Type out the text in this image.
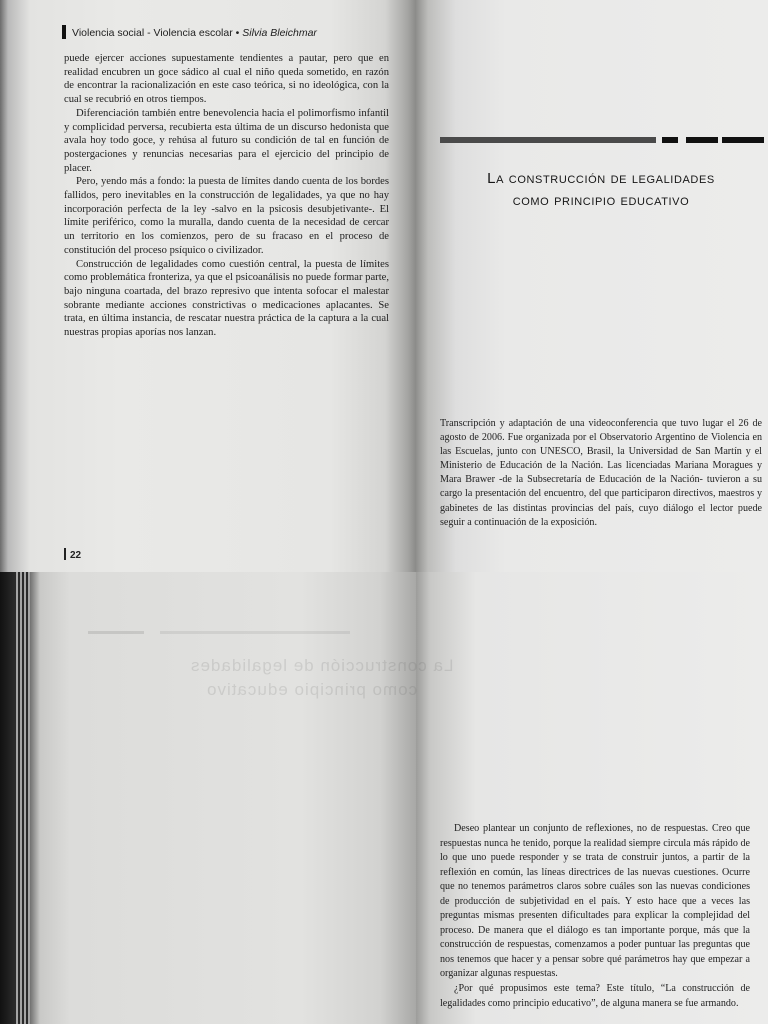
Violencia social - Violencia escolar • Silvia Bleichmar

puede ejercer acciones supuestamente tendientes a pautar, pero que en realidad encubren un goce sádico al cual el niño queda sometido, en razón de encontrar la racionalización en este caso teórica, si no ideológica, con la cual se recubrió en otros tiempos.

Diferenciación también entre benevolencia hacia el polimorfismo infantil y complicidad perversa, recubierta esta última de un discurso hedonista que avala hoy todo goce, y rehúsa al futuro su condición de tal en función de postergaciones y renuncias necesarias para el ejercicio del principio de placer.

Pero, yendo más a fondo: la puesta de límites dando cuenta de los bordes fallidos, pero inevitables en la construcción de legalidades, ya que no hay incorporación perfecta de la ley -salvo en la psicosis desubjetivante-. El límite periférico, como la muralla, dando cuenta de la necesidad de cercar un territorio en los comienzos, pero de su fracaso en el proceso de constitución del proceso psíquico o civilizador.

Construcción de legalidades como cuestión central, la puesta de límites como problemática fronteriza, ya que el psicoanálisis no puede formar parte, bajo ninguna coartada, del brazo represivo que intenta sofocar el malestar sobrante mediante acciones constrictivas o medicaciones aplacantes. Se trata, en última instancia, de rescatar nuestra práctica de la captura a la cual nuestras propias aporías nos lanzan.

22
La construcción de legalidades
como principio educativo
Transcripción y adaptación de una videoconferencia que tuvo lugar el 26 de agosto de 2006. Fue organizada por el Observatorio Argentino de Violencia en las Escuelas, junto con UNESCO, Brasil, la Universidad de San Martín y el Ministerio de Educación de la Nación. Las licenciadas Mariana Moragues y Mara Brawer -de la Subsecretaría de Educación de la Nación- tuvieron a su cargo la presentación del encuentro, del que participaron directivos, maestros y gabinetes de las distintas provincias del país, cuyo diálogo el lector puede seguir a continuación de la exposición.
La construcción de legalidades
como principio educativo

Deseo plantear un conjunto de reflexiones, no de respuestas. Creo que respuestas nunca he tenido, porque la realidad siempre circula más rápido de lo que uno puede responder y se trata de construir juntos, a partir de la reflexión en común, las líneas directrices de las nuevas cuestiones. Ocurre que no tenemos parámetros claros sobre cuáles son las nuevas condiciones de producción de subjetividad en el país. Y esto hace que a veces las preguntas mismas presenten dificultades para explicar la complejidad del proceso. De manera que el diálogo es tan importante porque, más que la construcción de respuestas, comenzamos a poder puntuar las preguntas que nos tenemos que hacer y a pensar sobre qué parámetros hay que empezar a organizar algunas respuestas.

¿Por qué propusimos este tema? Este título, “La construcción de legalidades como principio educativo”, de alguna manera se fue armando.
